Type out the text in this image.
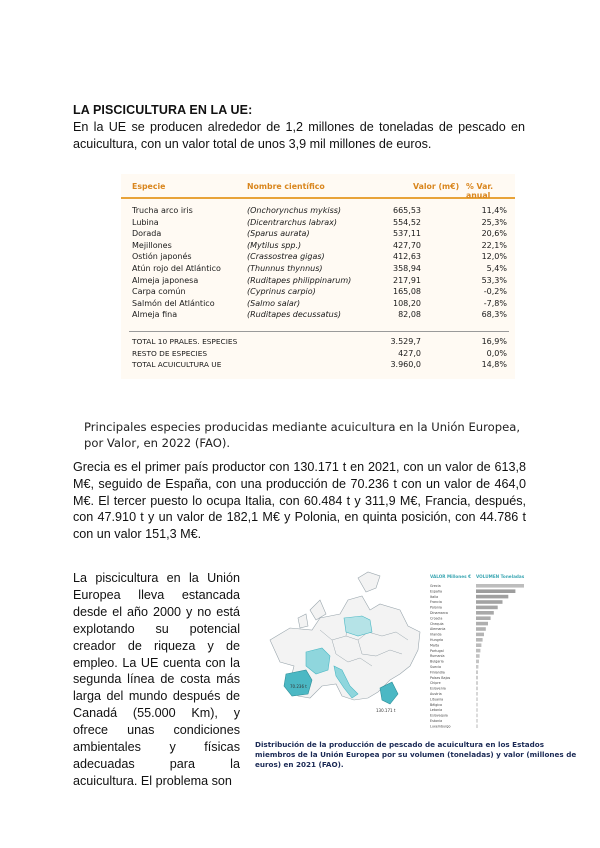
LA PISCICULTURA EN LA UE:

En la UE se producen alrededor de 1,2 millones de toneladas de pescado en acuicultura, con un valor total de unos 3,9 mil millones de euros.

Especie	Nombre científico	Valor (m€) % Var. anual
Trucha arco iris	(Onchorynchus mykiss)	665,53	11,4%
Lubina	(Dicentrarchus labrax)	554,52	25,3%
Dorada	(Sparus aurata)	537,11	20,6%
Mejillones	(Mytilus spp.)	427,70	22,1%
Ostión japonés	(Crassostrea gigas)	412,63	12,0%
Atún rojo del Atlántico	(Thunnus thynnus)	358,94	5,4%
Almeja japonesa	(Ruditapes philippinarum)	217,91	53,3%
Carpa común	(Cyprinus carpio)	165,08	-0,2%
Salmón del Atlántico	(Salmo salar)	108,20	-7,8%
Almeja fina	(Ruditapes decussatus)	82,08	68,3%
TOTAL 10 PRALES. ESPECIES	3.529,7	16,9%
RESTO DE ESPECIES	427,0	0,0%
TOTAL ACUICULTURA UE	3.960,0	14,8%
Principales especies producidas mediante acuicultura en la Unión Europea, por Valor, en 2022 (FAO).

Grecia es el primer país productor con 130.171 t en 2021, con un valor de 613,8 M€, seguido de España, con una producción de 70.236 t con un valor de 464,0 M€. El tercer puesto lo ocupa Italia, con 60.484 t y 311,9 M€, Francia, después, con 47.910 t y un valor de 182,1 M€ y Polonia, en quinta posición, con 44.786 t con un valor 151,3 M€.

La piscicultura en la Unión Europea lleva estancada desde el año 2000 y no está explotando su potencial creador de riqueza y de empleo. La UE cuenta con la segunda línea de costa más larga del mundo después de Canadá (55.000 Km), y ofrece unas condiciones ambientales y físicas adecuadas para la acuicultura. El problema son

70.236 t
130.171 t
VALOR Millones € VOLUMEN Toneladas
Grecia
España
Italia
Francia
Polonia
Dinamarca
Croacia
Chequia
Alemania
Irlanda
Hungría
Malta
Portugal
Rumanía
Bulgaria
Suecia
Finlandia
Países Bajos
Chipre
Eslovenia
Austria
Lituania
Bélgica
Letonia
Eslovaquia
Estonia
Luxemburgo
Distribución de la producción de pescado de acuicultura en los Estados miembros de la Unión Europea por su volumen (toneladas) y valor (millones de euros) en 2021 (FAO).
